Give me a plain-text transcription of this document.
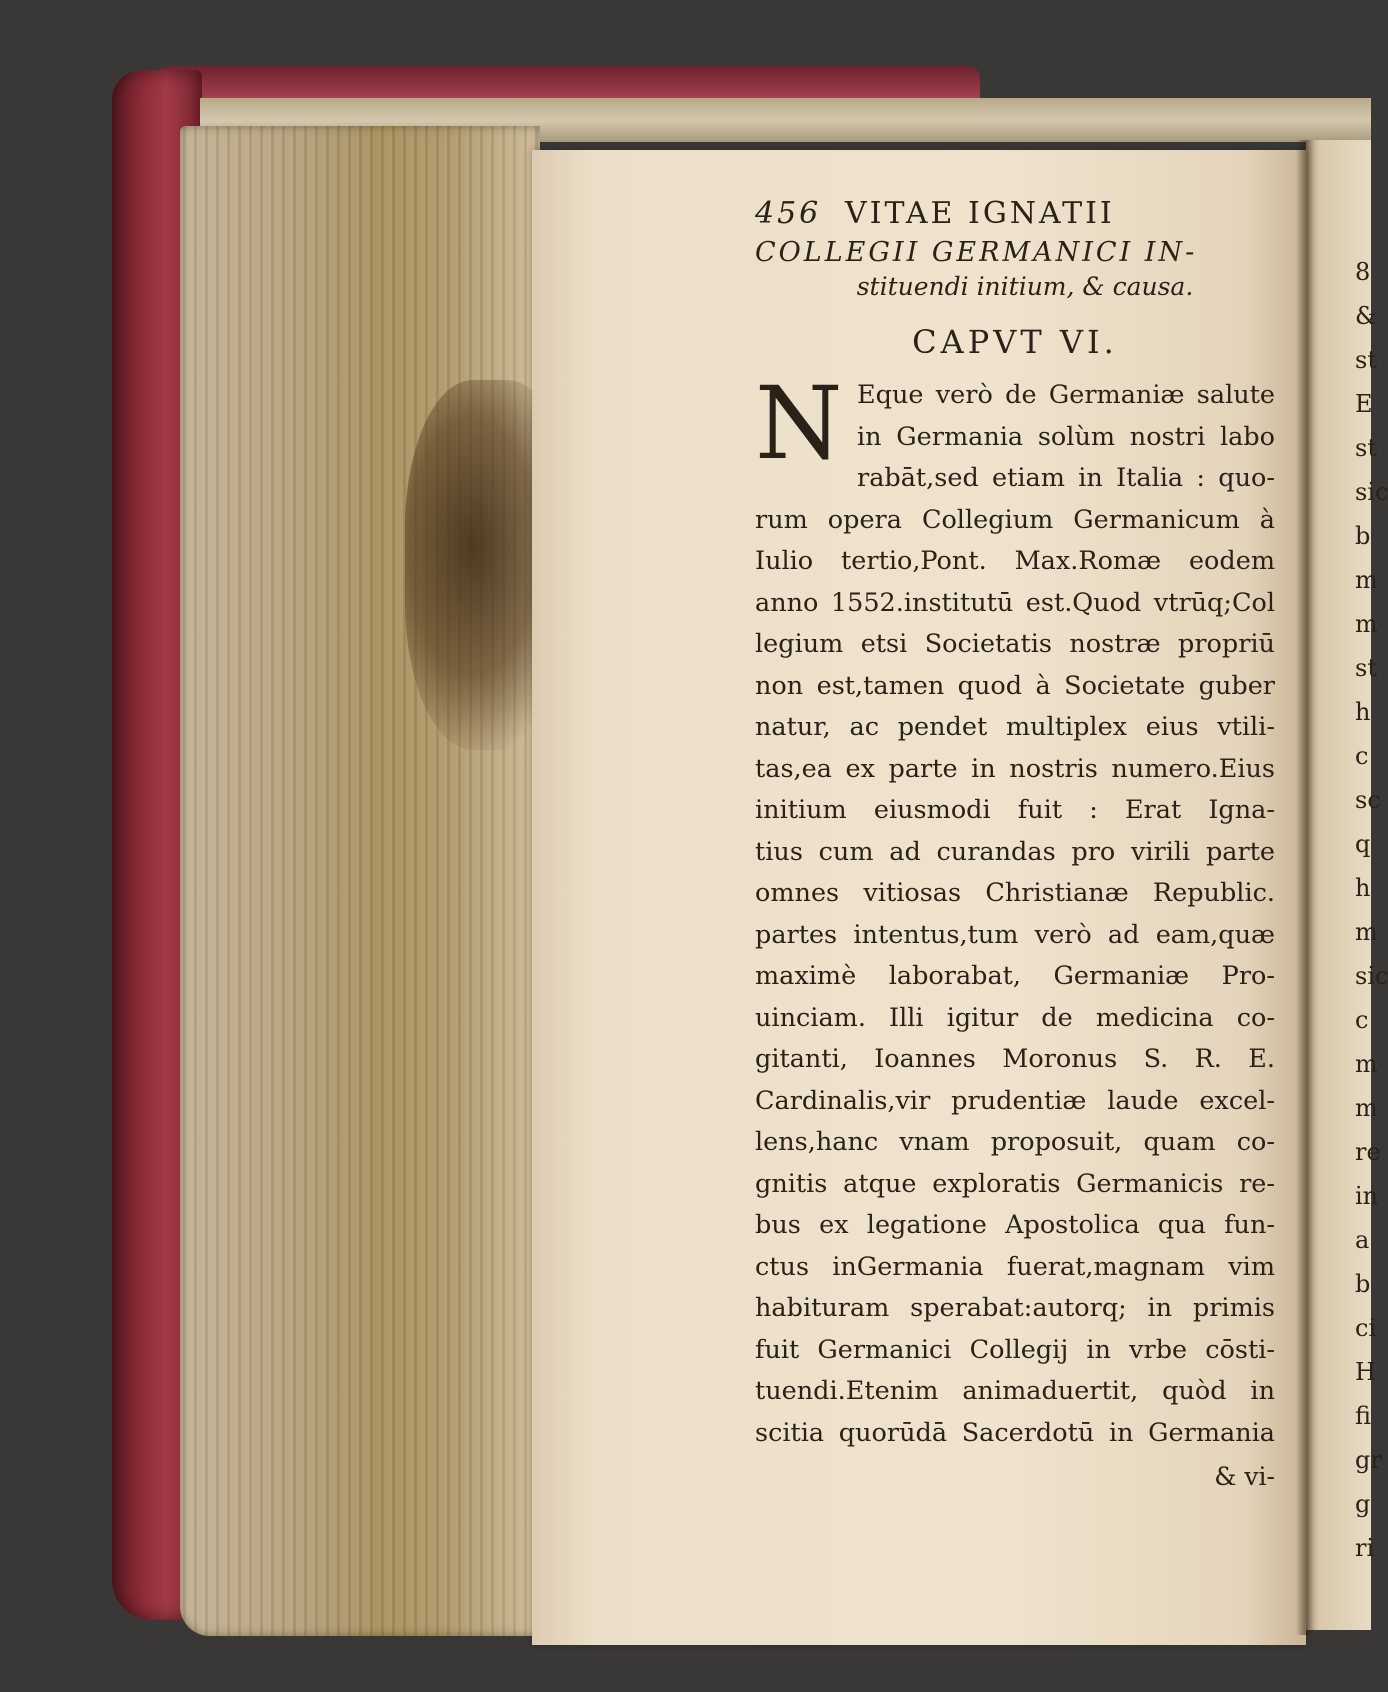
456 VITAE IGNATII
COLLEGII GERMANICI IN-
stituendi initium, & causa.
CAPVT VI.
N Eque verò de Germaniæ salute
in Germania solùm nostri labo
rabāt,sed etiam in Italia : quo-
rum opera Collegium Germanicum à
Iulio tertio,Pont. Max.Romæ eodem
anno 1552.institutū est.Quod vtrūq;Col
legium etsi Societatis nostræ propriū
non est,tamen quod à Societate guber
natur, ac pendet multiplex eius vtili-
tas,ea ex parte in nostris numero.Eius
initium eiusmodi fuit : Erat Igna-
tius cum ad curandas pro virili parte
omnes vitiosas Christianæ Republic.
partes intentus,tum verò ad eam,quæ
maximè laborabat, Germaniæ Pro-
uinciam. Illi igitur de medicina co-
gitanti, Ioannes Moronus S. R. E.
Cardinalis,vir prudentiæ laude excel-
lens,hanc vnam proposuit, quam co-
gnitis atque exploratis Germanicis re-
bus ex legatione Apostolica qua fun-
ctus inGermania fuerat,magnam vim
habituram sperabat:autorq; in primis
fuit Germanici Collegij in vrbe cōsti-
tuendi.Etenim animaduertit, quòd in
scitia quorūdā Sacerdotū in Germania
& vi-
8
&
st
E
st
sic
b
m
m
st
h
c
sc
q
h
m
sic
c
m
m
re
in
a
b
ci
H
fi
gr
g
ri
